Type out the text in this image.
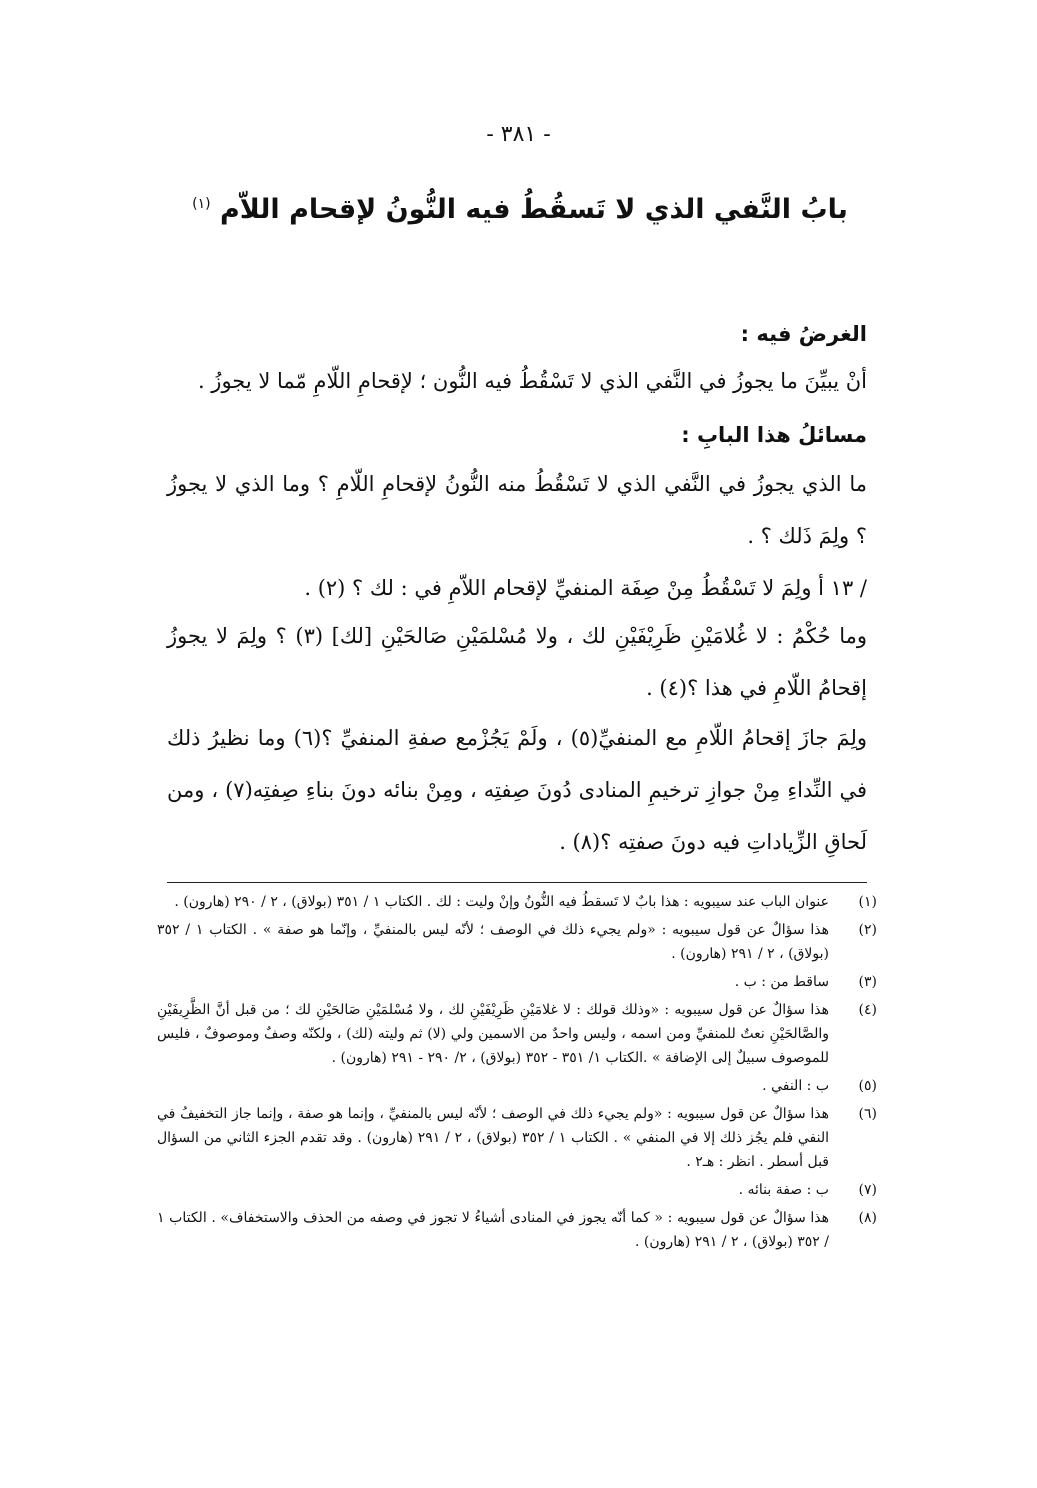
- ٣٨١ -
بابُ النَّفي الذي لا تَسقُطُ فيه النُّونُ لإقحام اللاّم $^{(١)}$
الغرضُ فيه :
أنْ يبيِّنَ ما يجوزُ في النَّفي الذي لا تَسْقُطُ فيه النُّون ؛ لإقحامِ اللّامِ مّما لا يجوزُ .
مسائلُ هذا البابِ :
ما الذي يجوزُ في النَّفي الذي لا تَسْقُطُ منه النُّونُ لإقحامِ اللّامِ ؟ وما الذي لا يجوزُ ؟ ولِمَ ذَلك ؟ .
/ ١٣ أ ولِمَ لا تَسْقُطُ مِنْ صِفَة المنفيِّ لإقحام اللاّمِ في : لك ؟ (٢) .
وما حُكْمُ : لا غُلامَيْنِ ظَرِيْفَيْنِ لك ، ولا مُسْلمَيْنِ صَالحَيْنِ [لك] (٣) ؟ ولِمَ لا يجوزُ إقحامُ اللّامِ في هذا ؟(٤) .
ولِمَ جازَ إقحامُ اللّامِ مع المنفيِّ(٥) ، ولَمْ يَجُزْمع صفةِ المنفيِّ ؟(٦) وما نظيرُ ذلك في النِّداءِ مِنْ جوازِ ترخيمِ المنادى دُونَ صِفتِه ، ومِنْ بنائه دونَ بناءِ صِفتِه(٧) ، ومن لَحاقِ الزِّياداتِ فيه دونَ صفتِه ؟(٨) .
(١)
عنوان الباب عند سيبويه : هذا بابٌ لا تَسقطُ فيه النُّونُ وإنْ وليت : لك . الكتاب ١ / ٣٥١ (بولاق) ، ٢ / ٢٩٠ (هارون) .
(٢)
هذا سؤالٌ عن قول سيبويه : «ولم يجيء ذلك في الوصف ؛ لأنّه ليس بالمنفيِّ ، وإنّما هو صفة » . الكتاب ١ / ٣٥٢ (بولاق) ، ٢ / ٢٩١ (هارون) .
(٣)
ساقط من : ب .
(٤)
هذا سؤالٌ عن قول سيبويه : «وذلك قولك : لا غلامَيْنِ ظَرِيْفَيْنِ لك ، ولا مُسْلمَيْنِ صَالحَيْنِ لك ؛ من قبل أنَّ الظَّرِيفَيْنِ والصَّالحَيْنِ نعتٌ للمنفيِّ ومن اسمه ، وليس واحدٌ من الاسمين ولي (لا) ثم وليته (لك) ، ولكنّه وصفٌ وموصوفٌ ، فليس للموصوف سبيلٌ إلى الإضافة » .الكتاب ١/ ٣٥١ - ٣٥٢ (بولاق) ، ٢/ ٢٩٠ - ٢٩١ (هارون) .
(٥)
ب : النفي .
(٦)
هذا سؤالٌ عن قول سيبويه : «ولم يجيء ذلك في الوصف ؛ لأنّه ليس بالمنفيِّ ، وإنما هو صفة ، وإنما جاز التخفيفُ في النفي فلم يجُز ذلك إلا في المنفي » . الكتاب ١ / ٣٥٢ (بولاق) ، ٢ / ٢٩١ (هارون) . وقد تقدم الجزء الثاني من السؤال قبل أسطر . انظر : هـ٢ .
(٧)
ب : صفة بنائه .
(٨)
هذا سؤالٌ عن قول سيبويه : « كما أنّه يجوز في المنادى أشياءُ لا تجوز في وصفه من الحذف والاستخفاف» . الكتاب ١ / ٣٥٢ (بولاق) ، ٢ / ٢٩١ (هارون) .
